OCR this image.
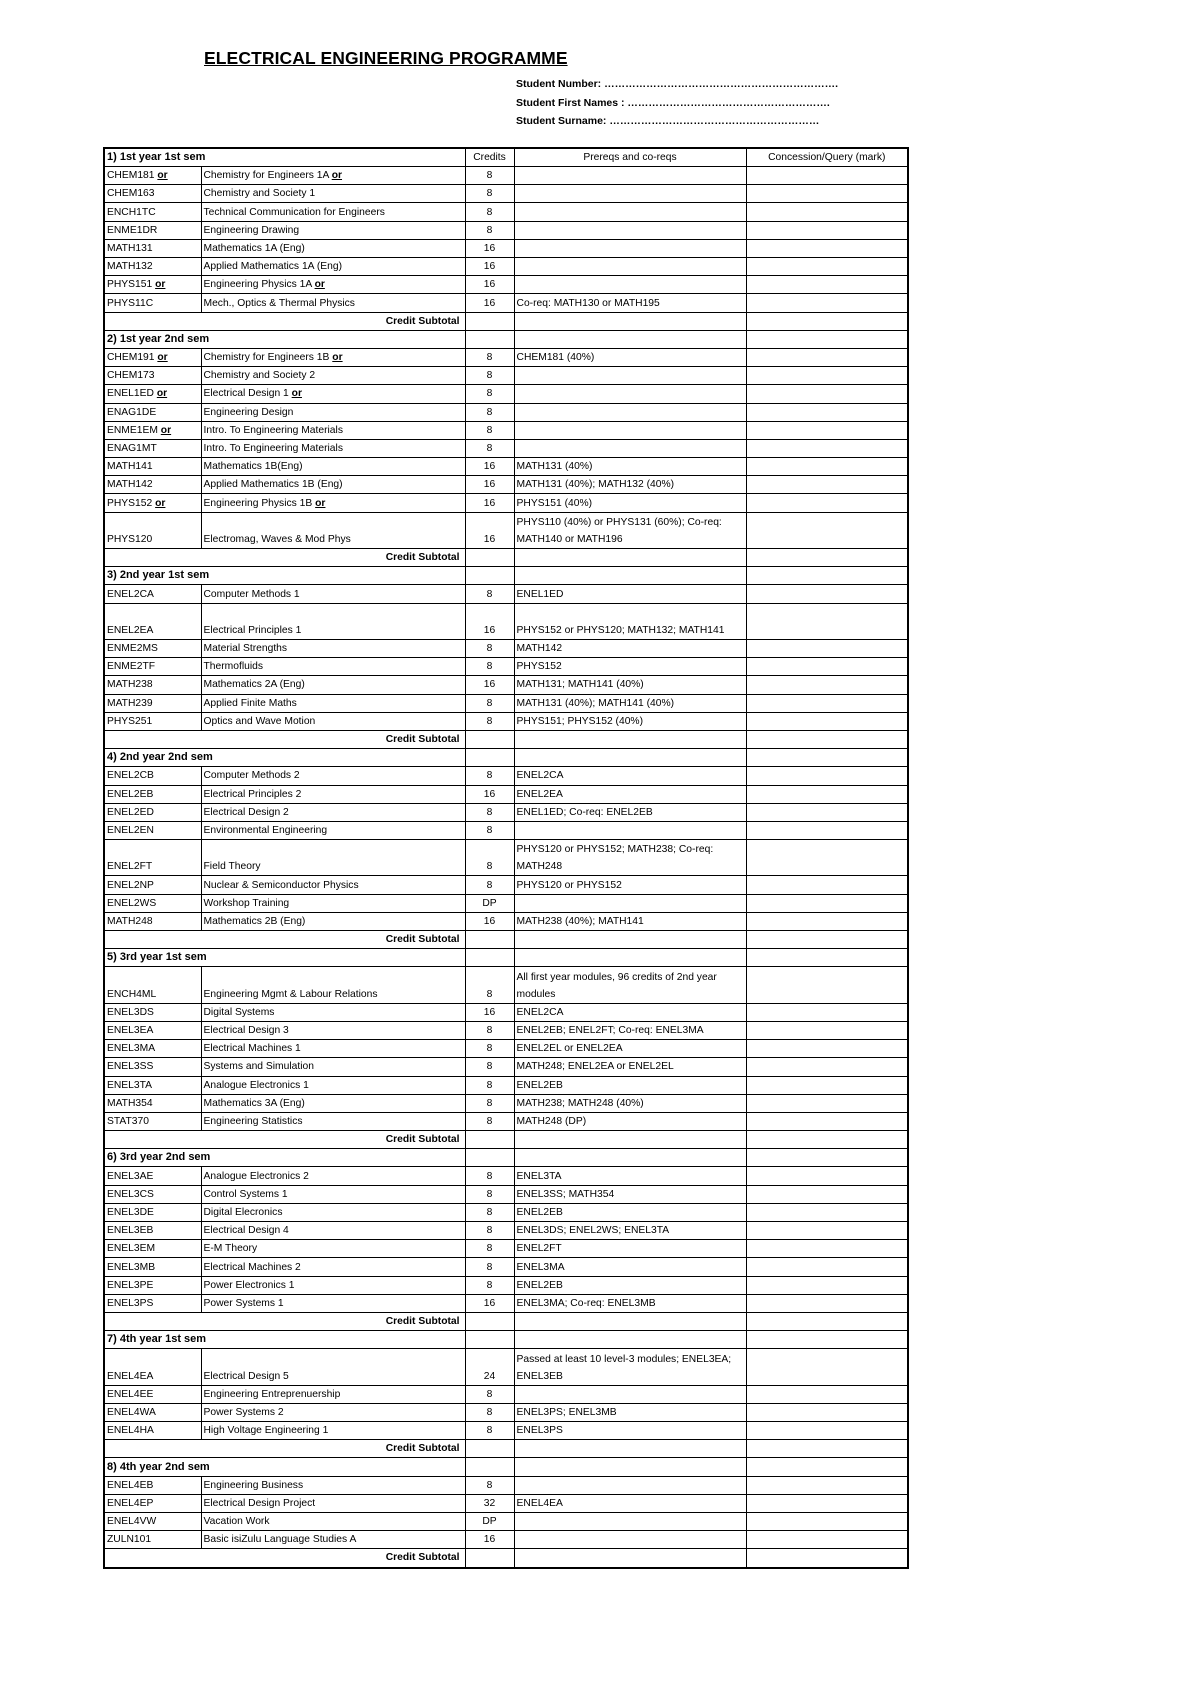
ELECTRICAL ENGINEERING PROGRAMME
Student Number: ………………………………………………………….
Student First Names : ………………………………………………….
Student Surname: ……………………………………………………
1) 1st year 1st sem		Credits	Prereqs and co-reqs	Concession/Query (mark)
CHEM181 or	Chemistry for Engineers 1A or	8		
CHEM163	Chemistry and Society 1	8		
ENCH1TC	Technical Communication for Engineers	8		
ENME1DR	Engineering Drawing	8		
MATH131	Mathematics 1A (Eng)	16		
MATH132	Applied Mathematics 1A (Eng)	16		
PHYS151 or	Engineering Physics 1A or	16		
PHYS11C	Mech., Optics & Thermal Physics	16	Co-req: MATH130 or MATH195	
Credit Subtotal				
2) 1st year 2nd sem				
CHEM191 or	Chemistry for Engineers 1B or	8	CHEM181 (40%)	
CHEM173	Chemistry and Society 2	8		
ENEL1ED or	Electrical Design 1 or	8		
ENAG1DE	Engineering Design	8		
ENME1EM or	Intro. To Engineering Materials	8		
ENAG1MT	Intro. To Engineering Materials	8		
MATH141	Mathematics 1B(Eng)	16	MATH131 (40%)	
MATH142	Applied Mathematics 1B (Eng)	16	MATH131 (40%); MATH132 (40%)	
PHYS152 or	Engineering Physics 1B or	16	PHYS151 (40%)	
PHYS120	Electromag, Waves & Mod Phys	16	PHYS110 (40%) or PHYS131 (60%); Co-req: MATH140 or MATH196	
Credit Subtotal				
3) 2nd year 1st sem				
ENEL2CA	Computer Methods 1	8	ENEL1ED	
ENEL2EA	Electrical Principles 1	16	PHYS152 or PHYS120; MATH132; MATH141	
ENME2MS	Material Strengths	8	MATH142	
ENME2TF	Thermofluids	8	PHYS152	
MATH238	Mathematics 2A (Eng)	16	MATH131; MATH141 (40%)	
MATH239	Applied Finite Maths	8	MATH131 (40%); MATH141 (40%)	
PHYS251	Optics and Wave Motion	8	PHYS151; PHYS152 (40%)	
Credit Subtotal				
4) 2nd year 2nd sem				
ENEL2CB	Computer Methods 2	8	ENEL2CA	
ENEL2EB	Electrical Principles 2	16	ENEL2EA	
ENEL2ED	Electrical Design 2	8	ENEL1ED; Co-req: ENEL2EB	
ENEL2EN	Environmental Engineering	8		
ENEL2FT	Field Theory	8	PHYS120 or PHYS152; MATH238; Co-req: MATH248	
ENEL2NP	Nuclear & Semiconductor Physics	8	PHYS120 or PHYS152	
ENEL2WS	Workshop Training	DP		
MATH248	Mathematics 2B (Eng)	16	MATH238 (40%); MATH141	
Credit Subtotal				
5) 3rd year 1st sem				
ENCH4ML	Engineering Mgmt & Labour Relations	8	All first year modules, 96 credits of 2nd year modules	
ENEL3DS	Digital Systems	16	ENEL2CA	
ENEL3EA	Electrical Design 3	8	ENEL2EB; ENEL2FT; Co-req: ENEL3MA	
ENEL3MA	Electrical Machines 1	8	ENEL2EL or ENEL2EA	
ENEL3SS	Systems and Simulation	8	MATH248; ENEL2EA or ENEL2EL	
ENEL3TA	Analogue Electronics 1	8	ENEL2EB	
MATH354	Mathematics 3A (Eng)	8	MATH238; MATH248 (40%)	
STAT370	Engineering Statistics	8	MATH248 (DP)	
Credit Subtotal				
6) 3rd year 2nd sem				
ENEL3AE	Analogue Electronics 2	8	ENEL3TA	
ENEL3CS	Control Systems 1	8	ENEL3SS; MATH354	
ENEL3DE	Digital Elecronics	8	ENEL2EB	
ENEL3EB	Electrical Design 4	8	ENEL3DS; ENEL2WS; ENEL3TA	
ENEL3EM	E-M Theory	8	ENEL2FT	
ENEL3MB	Electrical Machines 2	8	ENEL3MA	
ENEL3PE	Power Electronics 1	8	ENEL2EB	
ENEL3PS	Power Systems 1	16	ENEL3MA; Co-req: ENEL3MB	
Credit Subtotal				
7) 4th year 1st sem				
ENEL4EA	Electrical Design 5	24	Passed at least 10 level-3 modules; ENEL3EA; ENEL3EB	
ENEL4EE	Engineering Entreprenuership	8		
ENEL4WA	Power Systems 2	8	ENEL3PS; ENEL3MB	
ENEL4HA	High Voltage Engineering 1	8	ENEL3PS	
Credit Subtotal				
8) 4th year 2nd sem				
ENEL4EB	Engineering Business	8		
ENEL4EP	Electrical Design Project	32	ENEL4EA	
ENEL4VW	Vacation Work	DP		
ZULN101	Basic isiZulu Language Studies A	16		
Credit Subtotal				
